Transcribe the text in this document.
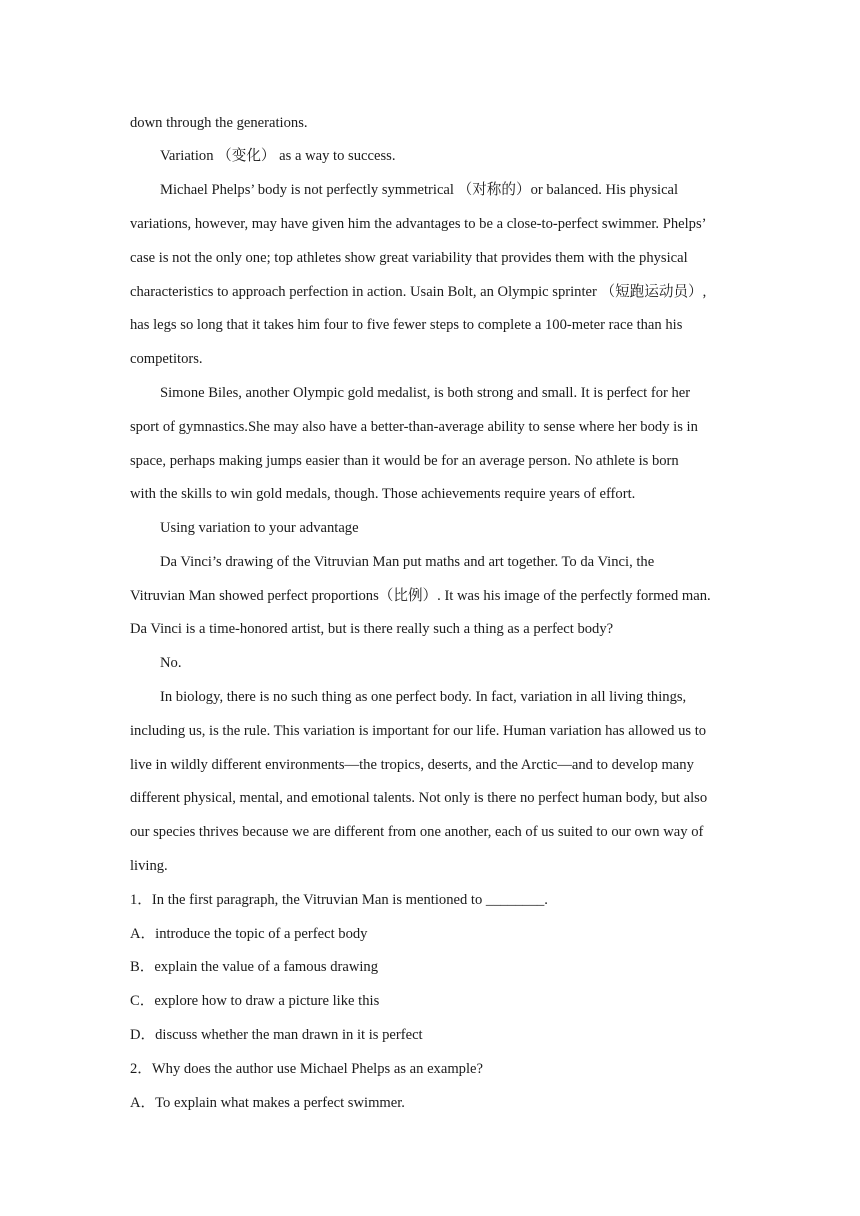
down through the generations.
Variation （变化） as a way to success.
Michael Phelps’ body is not perfectly symmetrical （对称的）or balanced. His physical
variations, however, may have given him the advantages to be a close-to-perfect swimmer. Phelps’
case is not the only one; top athletes show great variability that provides them with the physical
characteristics to approach perfection in action. Usain Bolt, an Olympic sprinter （短跑运动员）,
has legs so long that it takes him four to five fewer steps to complete a 100-meter race than his
competitors.
Simone Biles, another Olympic gold medalist, is both strong and small. It is perfect for her
sport of gymnastics.She may also have a better-than-average ability to sense where her body is in
space, perhaps making jumps easier than it would be for an average person. No athlete is born
with the skills to win gold medals, though. Those achievements require years of effort.
Using variation to your advantage
Da Vinci’s drawing of the Vitruvian Man put maths and art together. To da Vinci, the
Vitruvian Man showed perfect proportions（比例）. It was his image of the perfectly formed man.
Da Vinci is a time-honored artist, but is there really such a thing as a perfect body?
No.
In biology, there is no such thing as one perfect body. In fact, variation in all living things,
including us, is the rule. This variation is important for our life. Human variation has allowed us to
live in wildly different environments—the tropics, deserts, and the Arctic—and to develop many
different physical, mental, and emotional talents. Not only is there no perfect human body, but also
our species thrives because we are different from one another, each of us suited to our own way of
living.
1．In the first paragraph, the Vitruvian Man is mentioned to ________.
A．introduce the topic of a perfect body
B．explain the value of a famous drawing
C．explore how to draw a picture like this
D．discuss whether the man drawn in it is perfect
2．Why does the author use Michael Phelps as an example?
A．To explain what makes a perfect swimmer.
